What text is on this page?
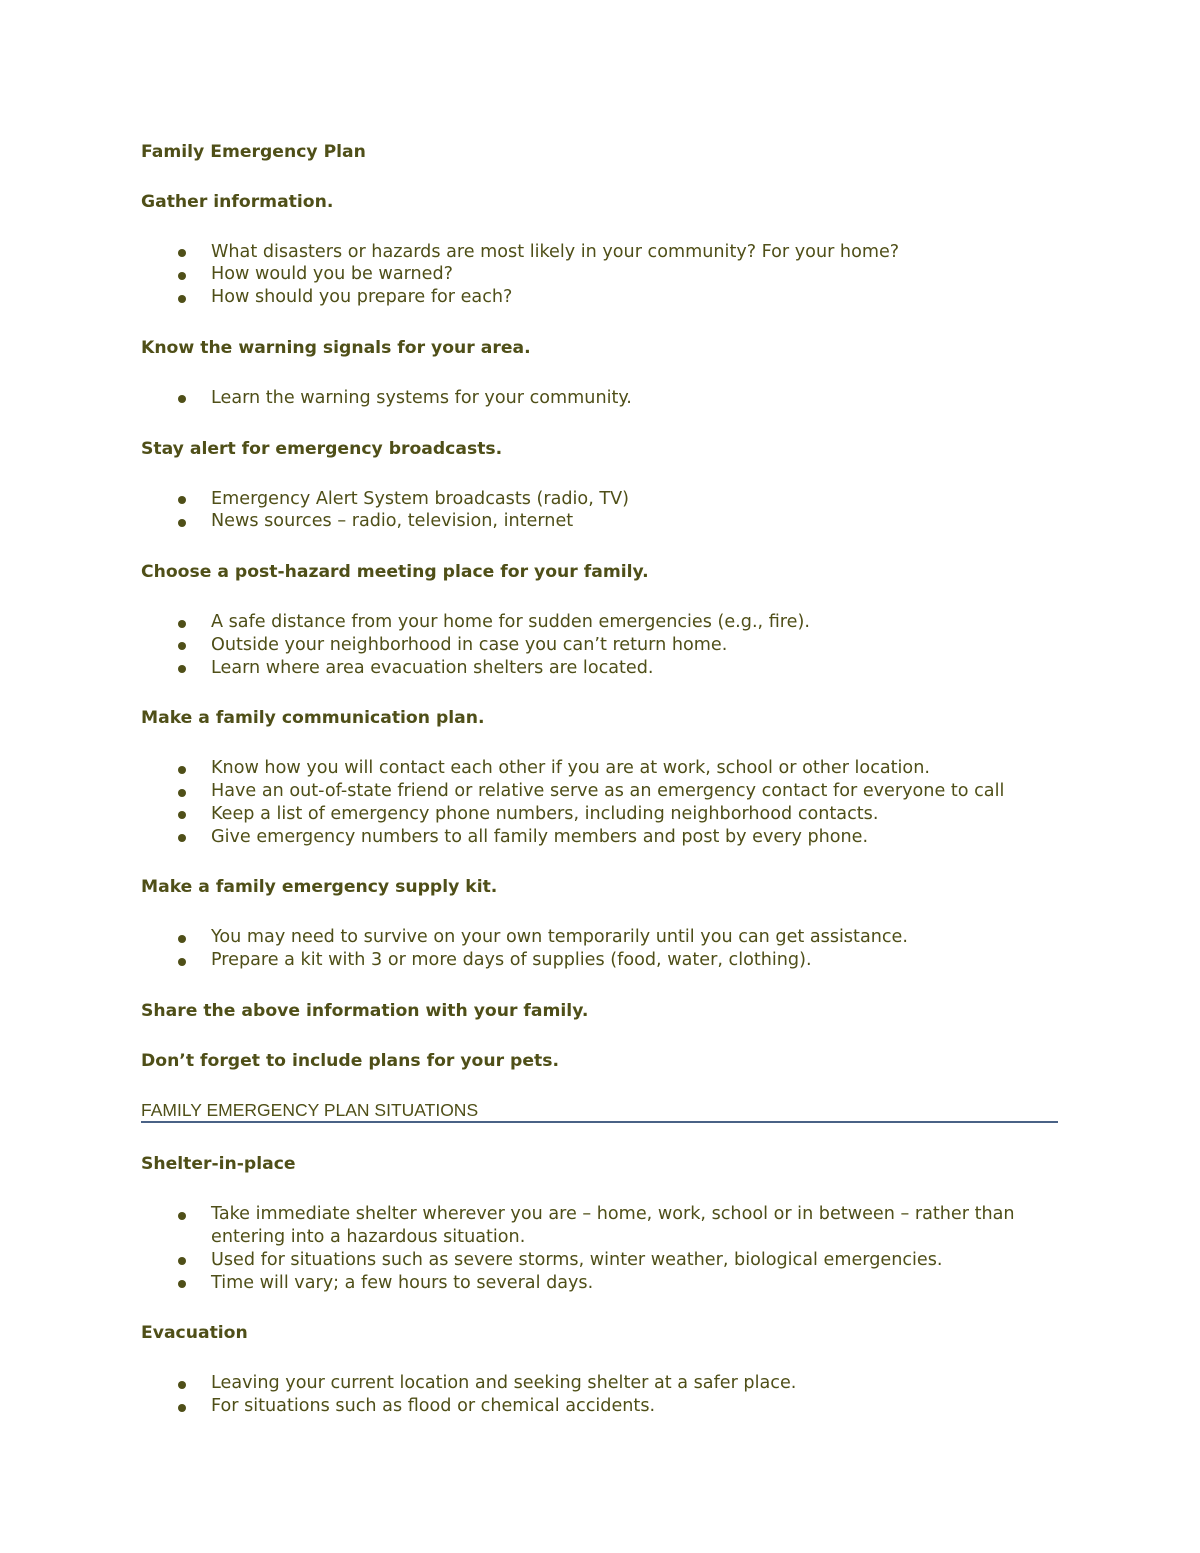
Family Emergency Plan
Gather information.
What disasters or hazards are most likely in your community? For your home?
How would you be warned?
How should you prepare for each?
Know the warning signals for your area.
Learn the warning systems for your community.
Stay alert for emergency broadcasts.
Emergency Alert System broadcasts (radio, TV)
News sources – radio, television, internet
Choose a post-hazard meeting place for your family.
A safe distance from your home for sudden emergencies (e.g., fire).
Outside your neighborhood in case you can’t return home.
Learn where area evacuation shelters are located.
Make a family communication plan.
Know how you will contact each other if you are at work, school or other location.
Have an out-of-state friend or relative serve as an emergency contact for everyone to call
Keep a list of emergency phone numbers, including neighborhood contacts.
Give emergency numbers to all family members and post by every phone.
Make a family emergency supply kit.
You may need to survive on your own temporarily until you can get assistance.
Prepare a kit with 3 or more days of supplies (food, water, clothing).
Share the above information with your family.
Don’t forget to include plans for your pets.
FAMILY EMERGENCY PLAN SITUATIONS
Shelter-in-place
Take immediate shelter wherever you are – home, work, school or in between – rather than entering into a hazardous situation.
Used for situations such as severe storms, winter weather, biological emergencies.
Time will vary; a few hours to several days.
Evacuation
Leaving your current location and seeking shelter at a safer place.
For situations such as flood or chemical accidents.
